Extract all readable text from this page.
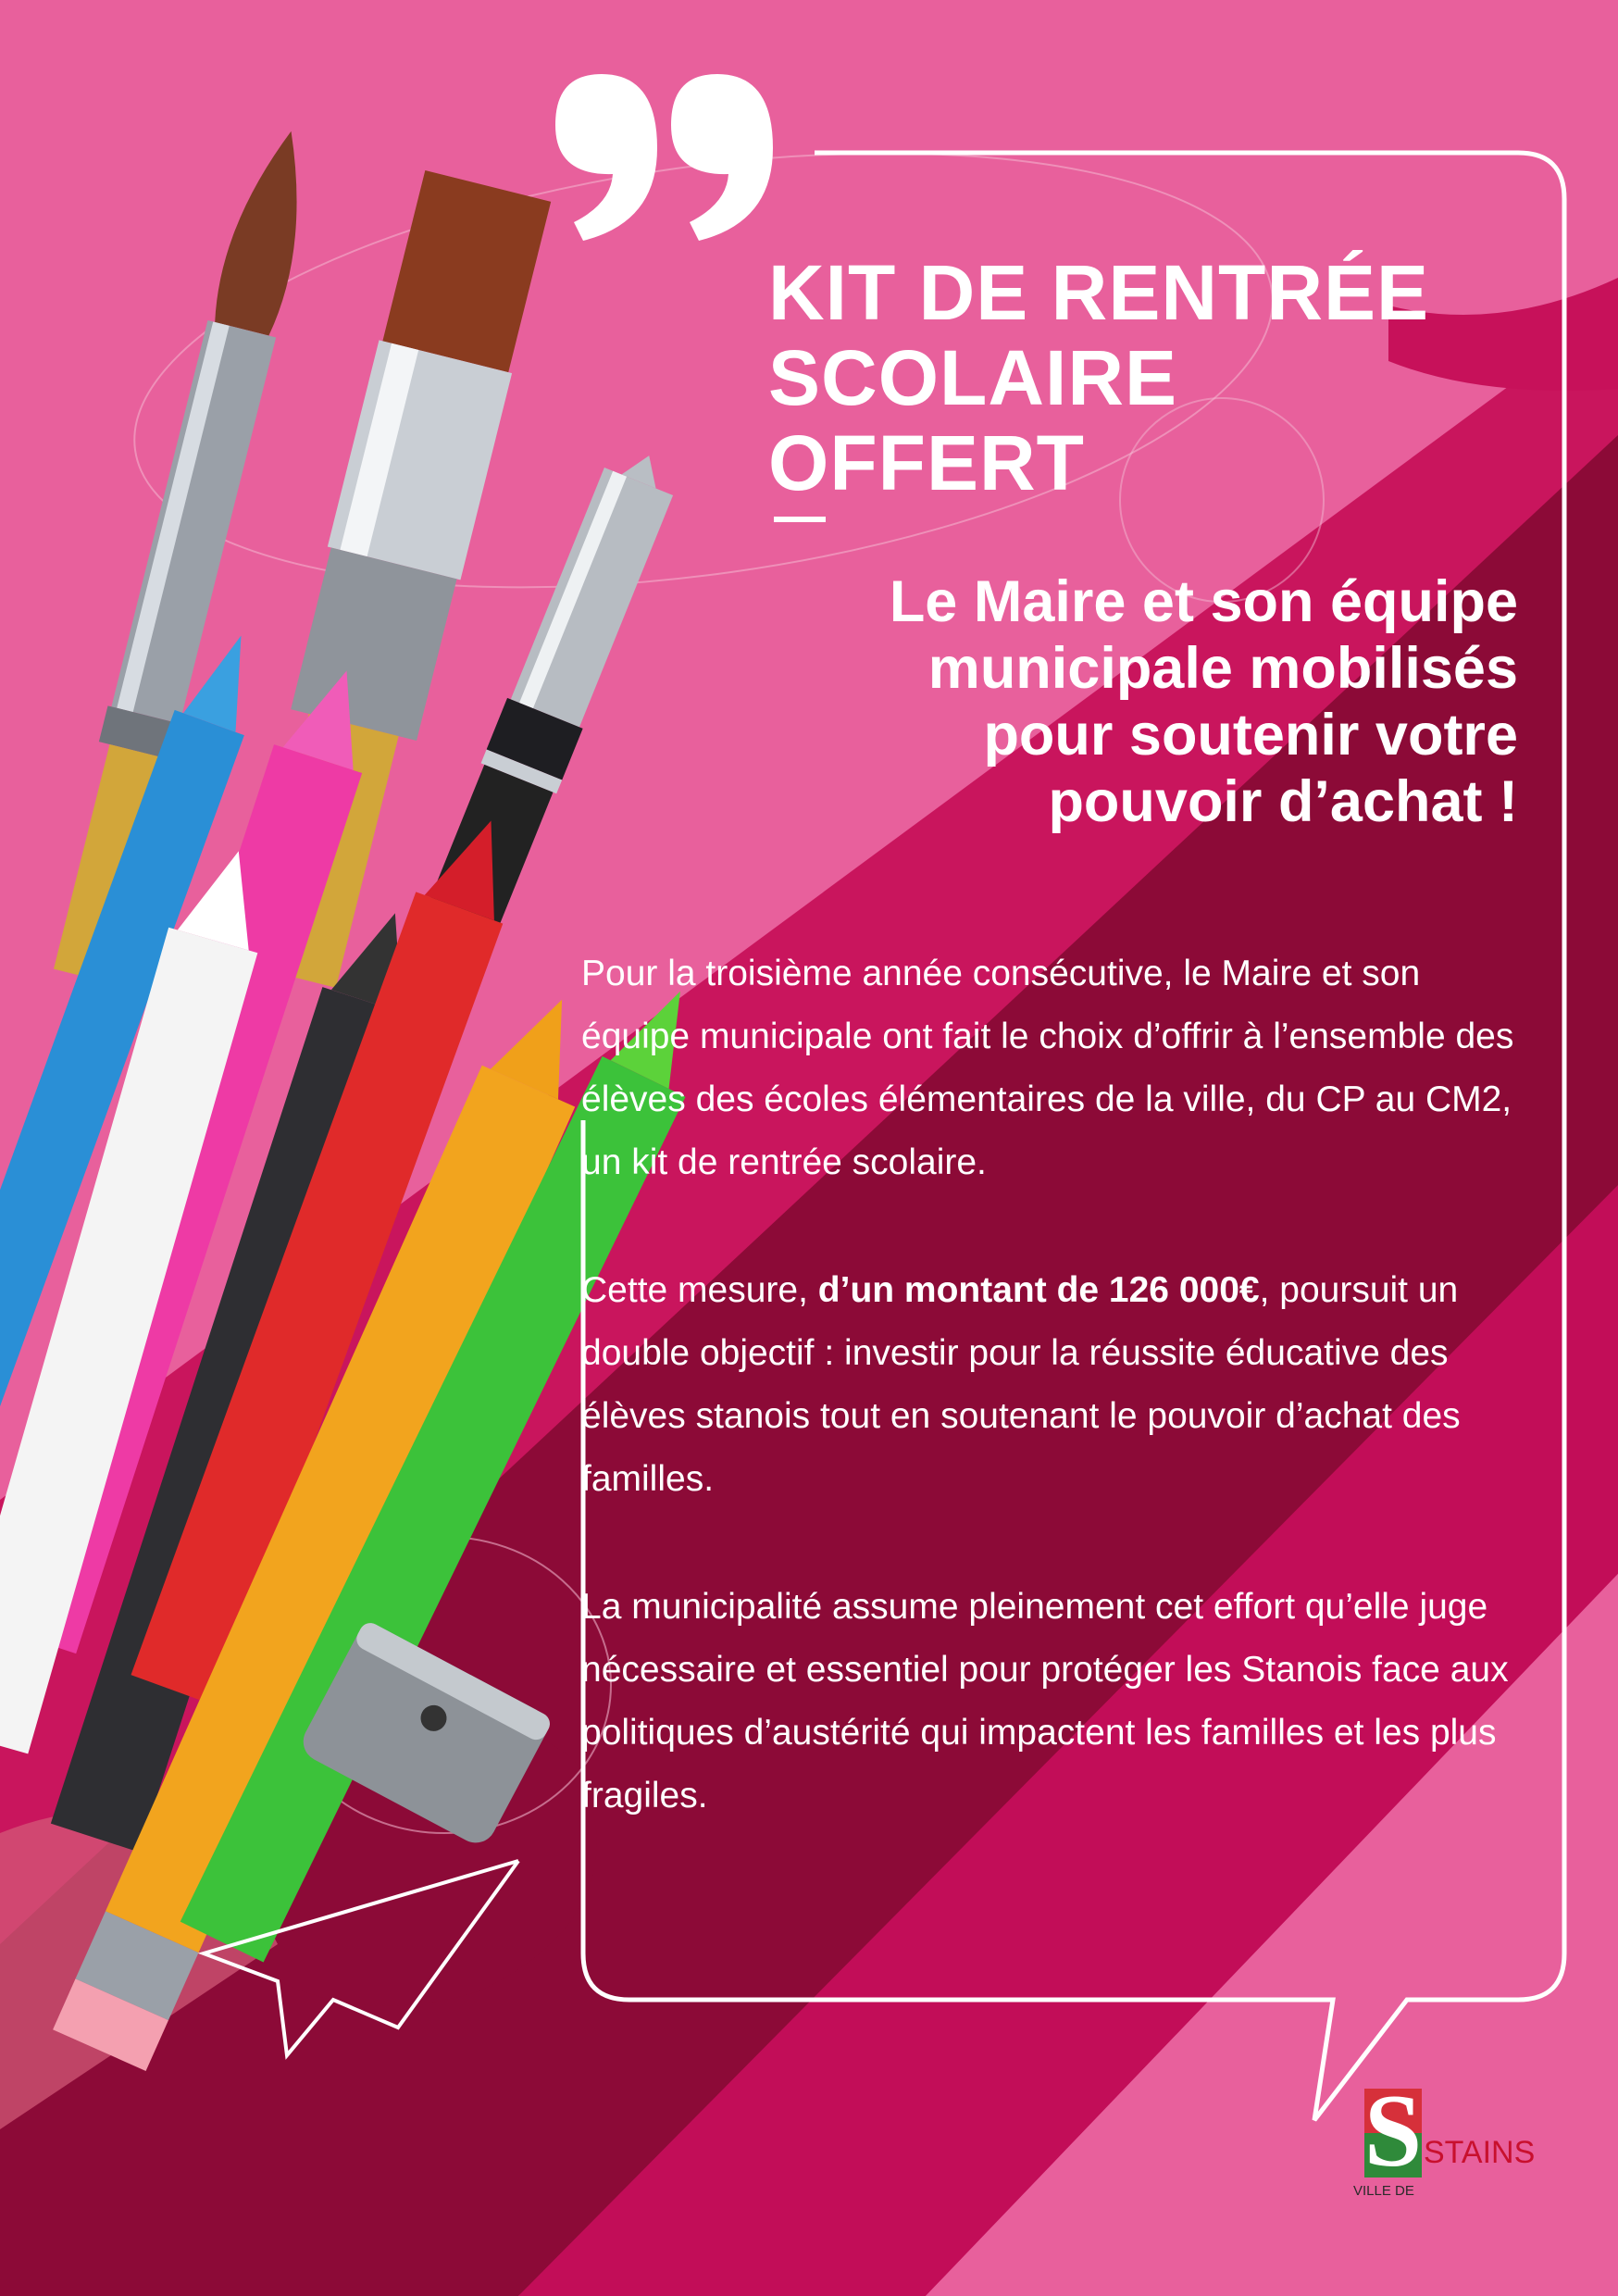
KIT DE RENTRÉE
SCOLAIRE
OFFERT
Le Maire et son équipe
municipale mobilisés
pour soutenir votre
pouvoir d’achat !

Pour la troisième année consécutive, le Maire et son équipe municipale ont fait le choix d’offrir à l’ensemble des élèves des écoles élémentaires de la ville, du CP au CM2, un kit de rentrée scolaire.

Cette mesure, d’un montant de 126 000€, poursuit un double objectif : investir pour la réussite éducative des élèves stanois tout en soutenant le pouvoir d’achat des familles.

La municipalité assume pleinement cet effort qu’elle juge nécessaire et essentiel pour protéger les Stanois face aux politiques d’austérité qui impactent les familles et les plus fragiles.

S STAINS
VILLE DE
